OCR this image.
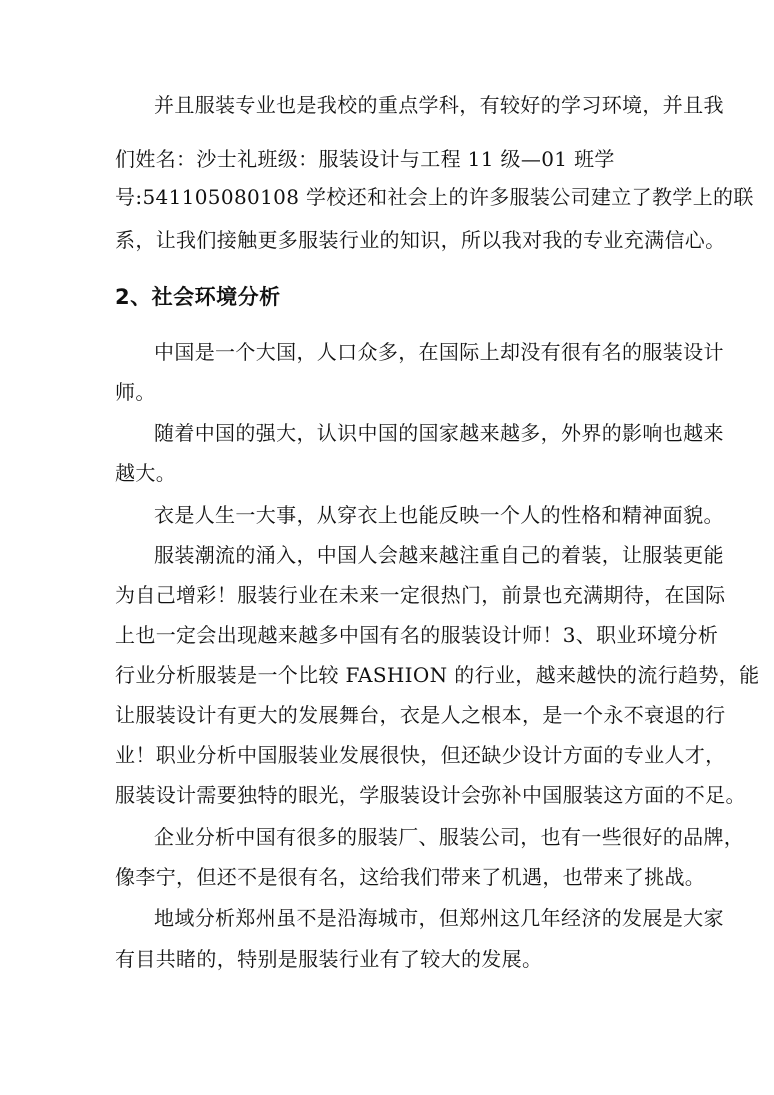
并且服装专业也是我校的重点学科，有较好的学习环境，并且我

们姓名：沙士礼班级：服装设计与工程 11 级—01 班学

号:541105080108 学校还和社会上的许多服装公司建立了教学上的联

系，让我们接触更多服装行业的知识，所以我对我的专业充满信心。

2、社会环境分析

中国是一个大国，人口众多，在国际上却没有很有名的服装设计

师。

随着中国的强大，认识中国的国家越来越多，外界的影响也越来

越大。

衣是人生一大事，从穿衣上也能反映一个人的性格和精神面貌。

服装潮流的涌入，中国人会越来越注重自己的着装，让服装更能

为自己增彩！服装行业在未来一定很热门，前景也充满期待，在国际

上也一定会出现越来越多中国有名的服装设计师！3、职业环境分析

行业分析服装是一个比较 FASHION 的行业，越来越快的流行趋势，能

让服装设计有更大的发展舞台，衣是人之根本，是一个永不衰退的行

业！职业分析中国服装业发展很快，但还缺少设计方面的专业人才，

服装设计需要独特的眼光，学服装设计会弥补中国服装这方面的不足。

企业分析中国有很多的服装厂、服装公司，也有一些很好的品牌，

像李宁，但还不是很有名，这给我们带来了机遇，也带来了挑战。

地域分析郑州虽不是沿海城市，但郑州这几年经济的发展是大家

有目共睹的，特别是服装行业有了较大的发展。
